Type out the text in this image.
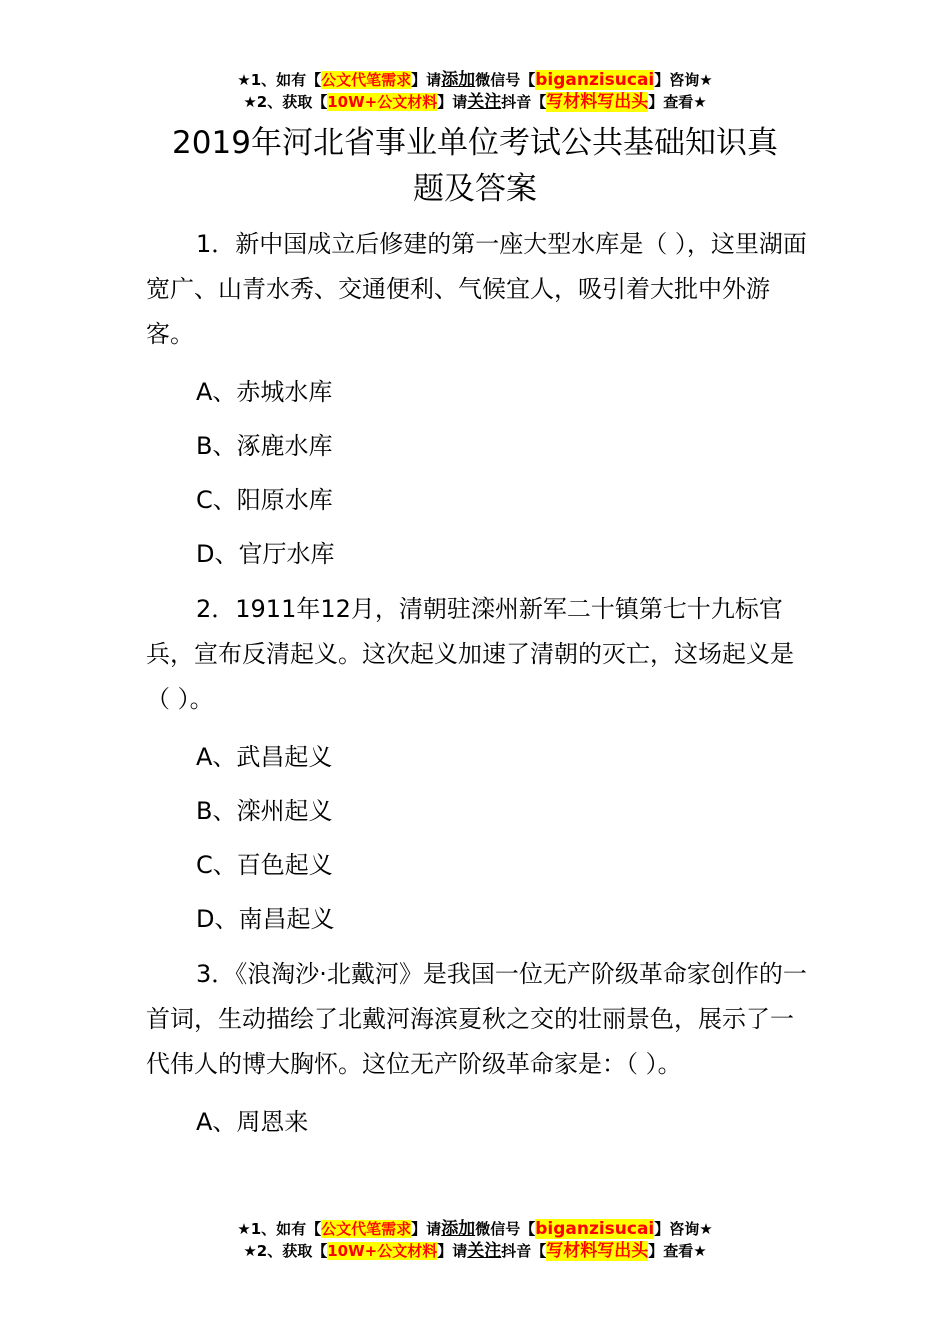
★1、如有【公文代笔需求】请添加微信号【biganzisucai】咨询★
★2、获取【10W+公文材料】请关注抖音【写材料写出头】查看★
2019年河北省事业单位考试公共基础知识真
题及答案

1．新中国成立后修建的第一座大型水库是（ ），这里湖面宽广、山青水秀、交通便利、气候宜人，吸引着大批中外游客。

A、赤城水库

B、涿鹿水库

C、阳原水库

D、官厅水库

2．1911年12月，清朝驻滦州新军二十镇第七十九标官兵，宣布反清起义。这次起义加速了清朝的灭亡，这场起义是（ ）。

A、武昌起义

B、滦州起义

C、百色起义

D、南昌起义

3．《浪淘沙·北戴河》是我国一位无产阶级革命家创作的一首词，生动描绘了北戴河海滨夏秋之交的壮丽景色，展示了一代伟人的博大胸怀。这位无产阶级革命家是：（ ）。

A、周恩来

★1、如有【公文代笔需求】请添加微信号【biganzisucai】咨询★
★2、获取【10W+公文材料】请关注抖音【写材料写出头】查看★
